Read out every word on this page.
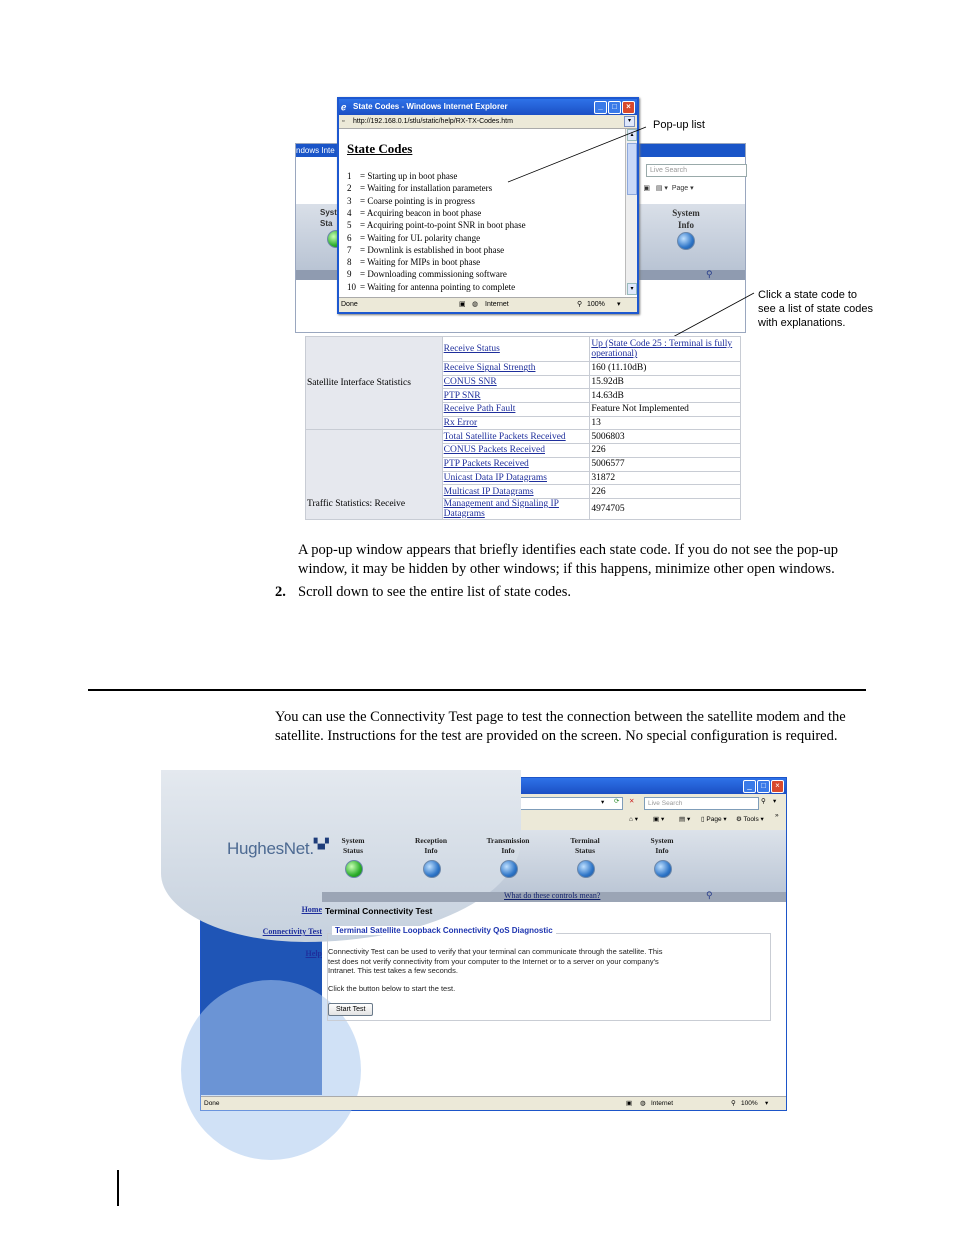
ndows Inte
Live Search
▣ ▤ ▾  Page ▾
Syst
Sta
System
Info
⚲
ℯ State Codes - Windows Internet Explorer	_	□	×
▫ http://192.168.0.1/stlu/static/help/RX-TX-Codes.htm	▾
State Codes
1 = Starting up in boot phase
2 = Waiting for installation parameters
3 = Coarse pointing is in progress
4 = Acquiring beacon in boot phase
5 = Acquiring point-to-point SNR in boot phase
6 = Waiting for UL polarity change
7 = Downlink is established in boot phase
8 = Waiting for MIPs in boot phase
9 = Downloading commissioning software
10 = Waiting for antenna pointing to complete
▴
▾
Done	▣ ◍ Internet	⚲ 100% ▾
Pop-up list
Click a state code to
see a list of state codes
with explanations.
Satellite Interface Statistics	Receive Status	Up (State Code 25 : Terminal is fully operational)
	Receive Signal Strength	160 (11.10dB)
	CONUS SNR	15.92dB
	PTP SNR	14.63dB
	Receive Path Fault	Feature Not Implemented
	Rx Error	13
Traffic Statistics: Receive	Total Satellite Packets Received	5006803
	CONUS Packets Received	226
	PTP Packets Received	5006577
	Unicast Data IP Datagrams	31872
	Multicast IP Datagrams	226
	Management and Signaling IP Datagrams	4974705
A pop-up window appears that briefly identifies each state code. If you do not see the pop-up window, it may be hidden by other windows; if this happens, minimize other open windows.
2. Scroll down to see the entire list of state codes.
You can use the Connectivity Test page to test the connection between the satellite modem and the satellite. Instructions for the test are provided on the screen. No special configuration is required.
_	□	×
▾ ⟳ ✕	Live Search	⚲ ▾
⌂ ▾ ▣ ▾ ▤ ▾ ▯ Page ▾ ⚙ Tools ▾
»
HughesNet.▚▞	System
Status
Reception
Info
Transmission
Info
Terminal
Status
System
Info
What do these controls mean?	⚲
Home
Connectivity Test
Help
Terminal Connectivity Test
Terminal Satellite Loopback Connectivity QoS Diagnostic
Connectivity Test can be used to verify that your terminal can communicate through the satellite. This test does not verify connectivity from your computer to the Internet or to a server on your company's Intranet. This test takes a few seconds.
Click the button below to start the test.
Start Test
Done	▣ ◍ Internet	⚲ 100% ▾
